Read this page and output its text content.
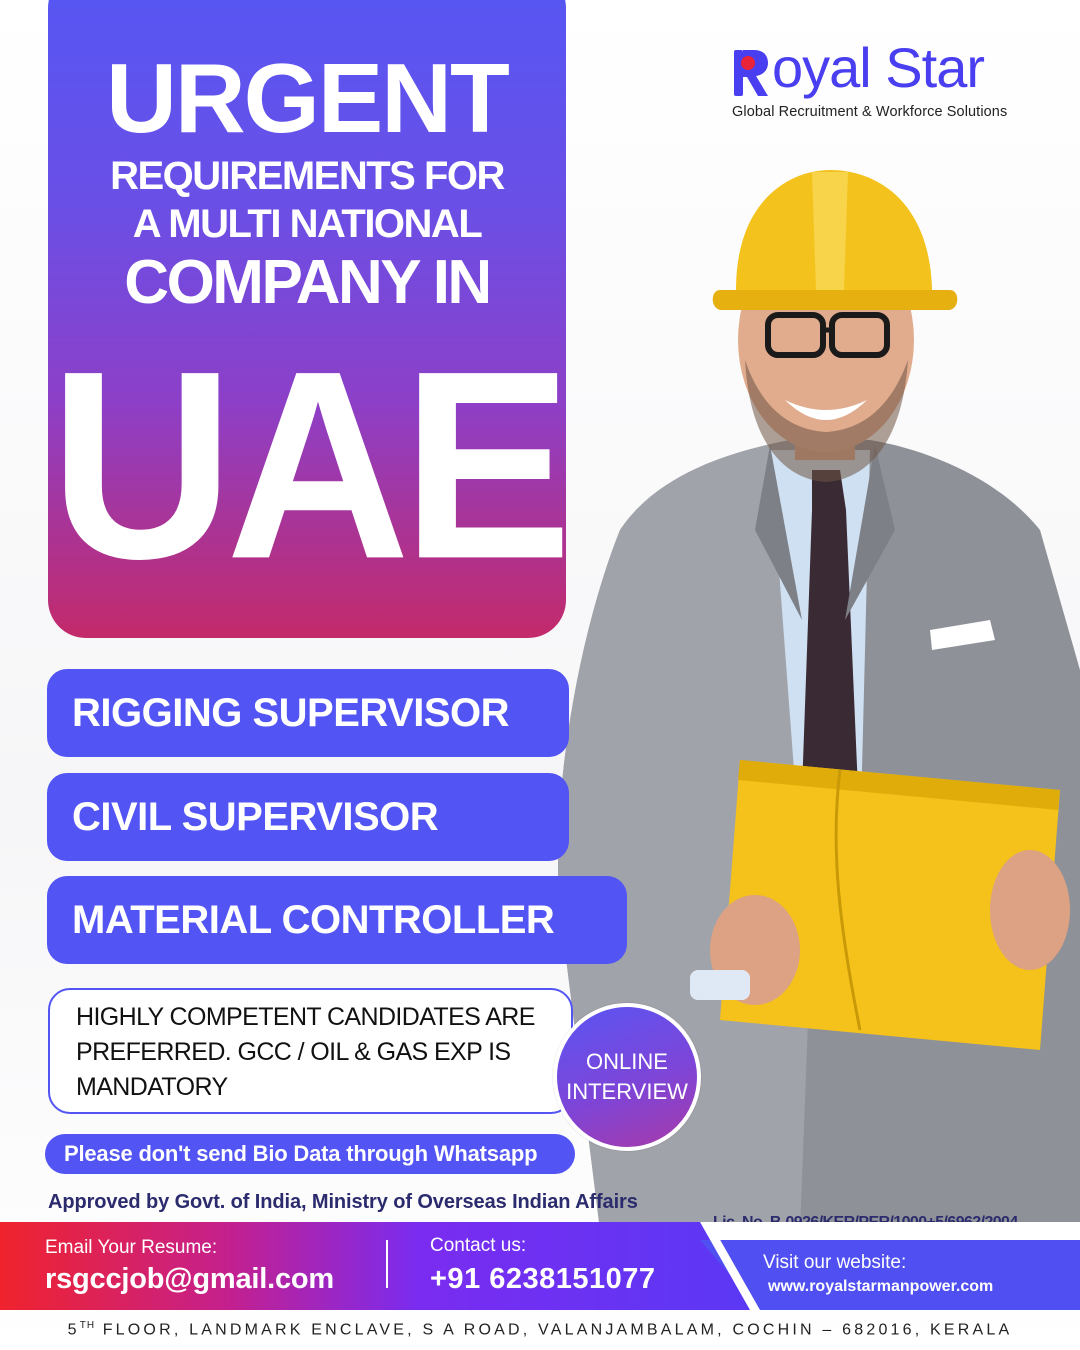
oyal Star
Global Recruitment & Workforce Solutions
URGENT
REQUIREMENTS FOR
A MULTI NATIONAL
COMPANY IN
UAE
RIGGING SUPERVISOR
CIVIL SUPERVISOR
MATERIAL CONTROLLER
HIGHLY COMPETENT CANDIDATES ARE PREFERRED. GCC / OIL & GAS EXP IS MANDATORY
ONLINE
INTERVIEW
Please don't send Bio Data through Whatsapp
Approved by Govt. of India, Ministry of Overseas Indian Affairs
Email Your Resume:
rsgccjob@gmail.com
Contact us:
+91 6238151077
Visit our website:
www.royalstarmanpower.com
5TH FLOOR, LANDMARK ENCLAVE, S A ROAD, VALANJAMBALAM, COCHIN – 682016, KERALA
